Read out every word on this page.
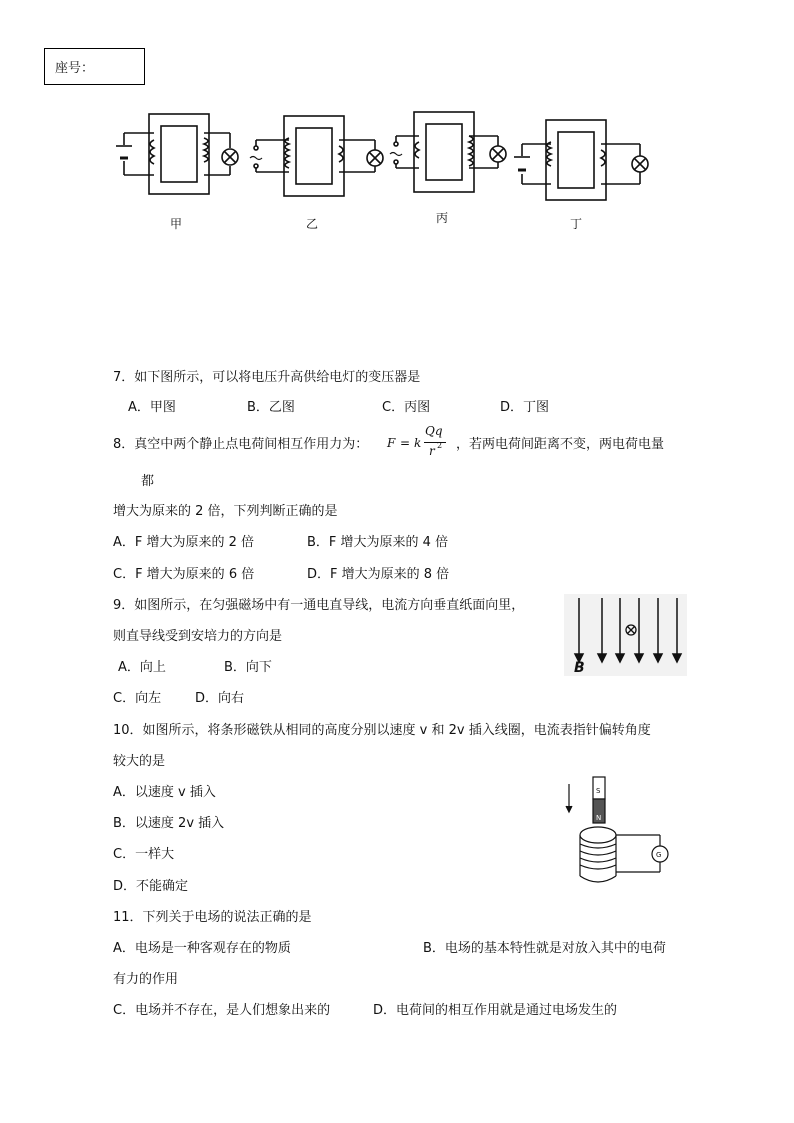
座号：
甲	乙	丙	丁
7．如下图所示，可以将电压升高供给电灯的变压器是
A．甲图	B．乙图	C．丙图	D．丁图
8．真空中两个静止点电荷间相互作用力为： F = k
Qq
r 2 ，若两电荷间距离不变，两电荷电量
都
增大为原来的 2 倍，下列判断正确的是
A．F 增大为原来的 2 倍	B．F 增大为原来的 4 倍
C．F 增大为原来的 6 倍	D．F 增大为原来的 8 倍
9．如图所示，在匀强磁场中有一通电直导线，电流方向垂直纸面向里，
则直导线受到安培力的方向是
A．向上	B．向下
C．向左	D．向右
B
10．如图所示，将条形磁铁从相同的高度分别以速度 v 和 2v 插入线圈，电流表指针偏转角度
较大的是
A．以速度 v 插入
B．以速度 2v 插入
C．一样大
D．不能确定
S
N
G
11．下列关于电场的说法正确的是
A．电场是一种客观存在的物质	B．电场的基本特性就是对放入其中的电荷
有力的作用
C．电场并不存在，是人们想象出来的	D．电荷间的相互作用就是通过电场发生的
